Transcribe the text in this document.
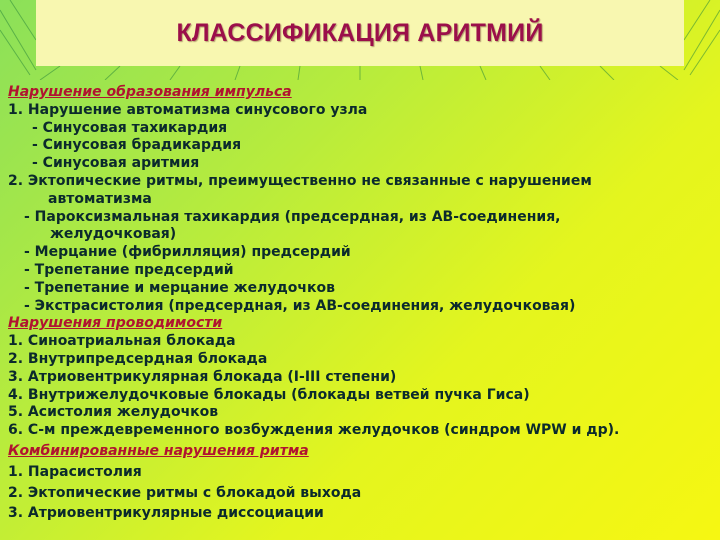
КЛАССИФИКАЦИЯ АРИТМИЙ
Нарушение образования импульса
1. Нарушение автоматизма синусового узла
- Синусовая тахикардия
- Синусовая брадикардия
- Синусовая аритмия
2. Эктопические ритмы, преимущественно не связанные с нарушением
автоматизма
- Пароксизмальная тахикардия (предсердная, из АВ-соединения,
желудочковая)
- Мерцание (фибрилляция) предсердий
- Трепетание предсердий
- Трепетание и мерцание желудочков
- Экстрасистолия (предсердная, из АВ-соединения, желудочковая)
Нарушения проводимости
1. Синоатриальная блокада
2. Внутрипредсердная блокада
3. Атриовентрикулярная блокада (I-III степени)
4. Внутрижелудочковые блокады (блокады ветвей пучка Гиса)
5. Асистолия желудочков
6. С-м преждевременного возбуждения желудочков (синдром WPW и др).
Комбинированные нарушения ритма
1. Парасистолия
2. Эктопические ритмы с блокадой выхода
3. Атриовентрикулярные диссоциации
